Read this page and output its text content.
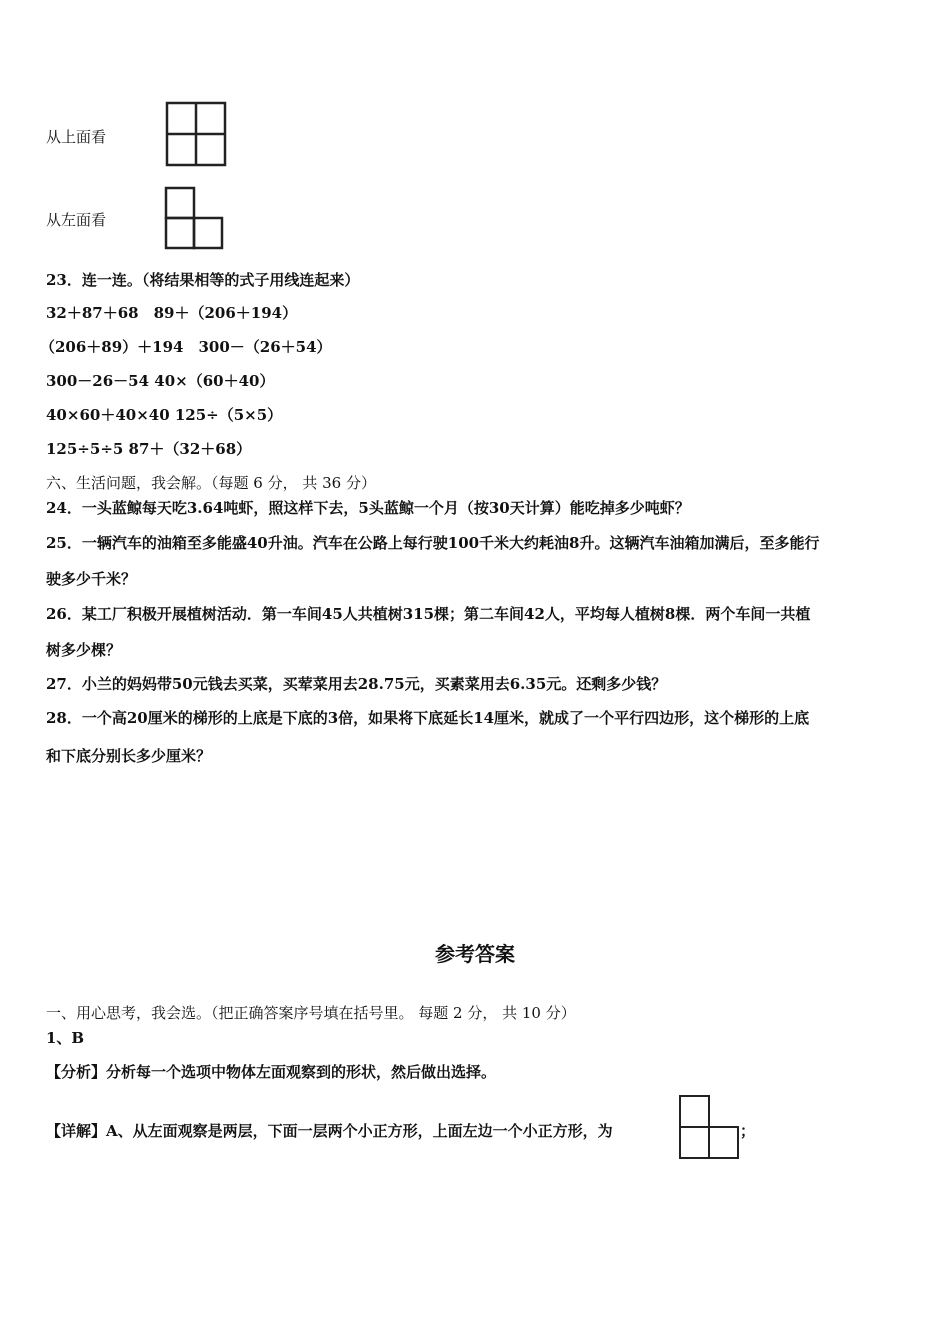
从上面看
从左面看
23．连一连。（将结果相等的式子用线连起来）
32＋87＋68　89＋（206＋194）
（206＋89）＋194　300－（26＋54）
300－26－54 40×（60＋40）
40×60＋40×40 125÷（5×5）
125÷5÷5 87＋（32＋68）
六、生活问题，我会解。（每题 6 分， 共 36 分）
24．一头蓝鲸每天吃3.64吨虾，照这样下去，5头蓝鲸一个月（按30天计算）能吃掉多少吨虾？
25．一辆汽车的油箱至多能盛40升油。汽车在公路上每行驶100千米大约耗油8升。这辆汽车油箱加满后，至多能行
驶多少千米？
26．某工厂积极开展植树活动．第一车间45人共植树315棵；第二车间42人，平均每人植树8棵．两个车间一共植
树多少棵？
27．小兰的妈妈带50元钱去买菜，买荤菜用去28.75元，买素菜用去6.35元。还剩多少钱？
28．一个高20厘米的梯形的上底是下底的3倍，如果将下底延长14厘米，就成了一个平行四边形，这个梯形的上底
和下底分别长多少厘米？
参考答案
一、用心思考，我会选。（把正确答案序号填在括号里。 每题 2 分， 共 10 分）
1、B
【分析】分析每一个选项中物体左面观察到的形状，然后做出选择。
【详解】A、从左面观察是两层，下面一层两个小正方形，上面左边一个小正方形，为	；
